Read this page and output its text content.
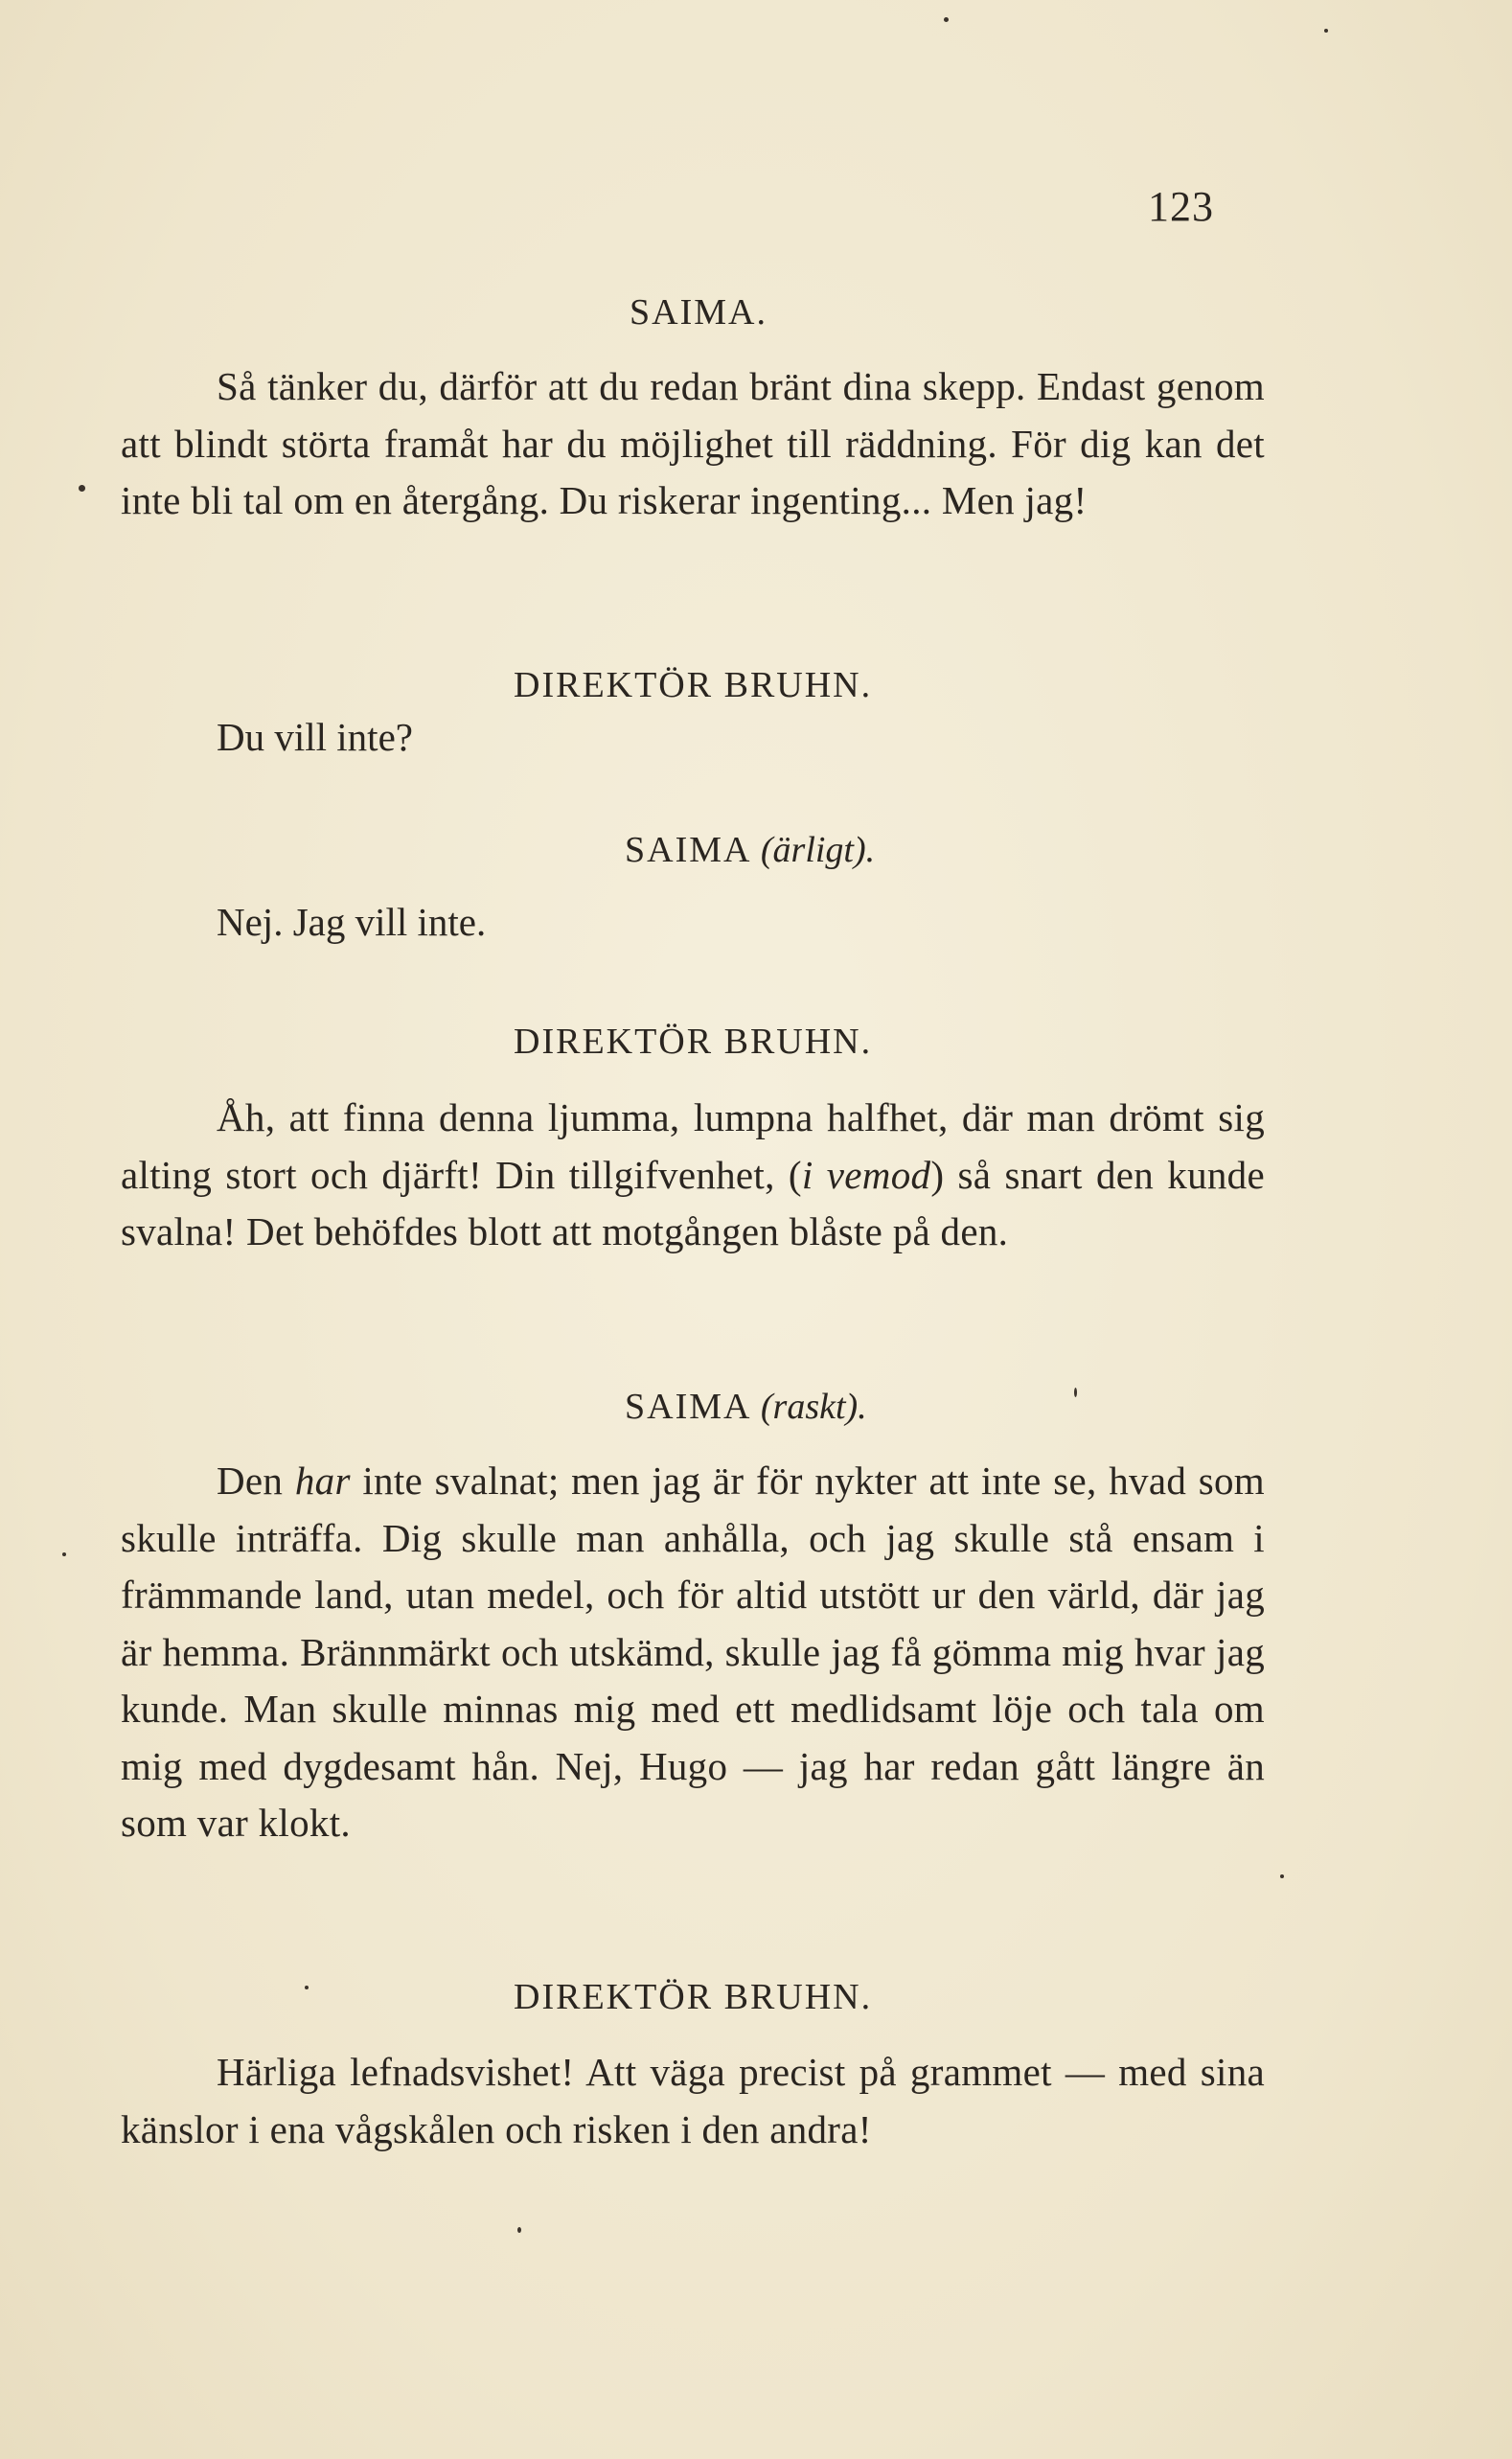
123
SAIMA.
Så tänker du, därför att du redan bränt dina skepp. Endast genom att blindt störta framåt har du möjlighet till räddning. För dig kan det inte bli tal om en återgång. Du riskerar ingenting... Men jag!
DIREKTÖR BRUHN.
Du vill inte?
SAIMA (ärligt).
Nej. Jag vill inte.
DIREKTÖR BRUHN.
Åh, att finna denna ljumma, lumpna halfhet, där man drömt sig alting stort och djärft! Din tillgifvenhet, (i vemod) så snart den kunde svalna! Det behöfdes blott att motgången blåste på den.
SAIMA (raskt).
Den har inte svalnat; men jag är för nykter att inte se, hvad som skulle inträffa. Dig skulle man anhålla, och jag skulle stå ensam i främmande land, utan medel, och för altid utstött ur den värld, där jag är hemma. Brännmärkt och utskämd, skulle jag få gömma mig hvar jag kunde. Man skulle minnas mig med ett medlidsamt löje och tala om mig med dygdesamt hån. Nej, Hugo — jag har redan gått längre än som var klokt.
DIREKTÖR BRUHN.
Härliga lefnadsvishet! Att väga precist på grammet — med sina känslor i ena vågskålen och risken i den andra!
